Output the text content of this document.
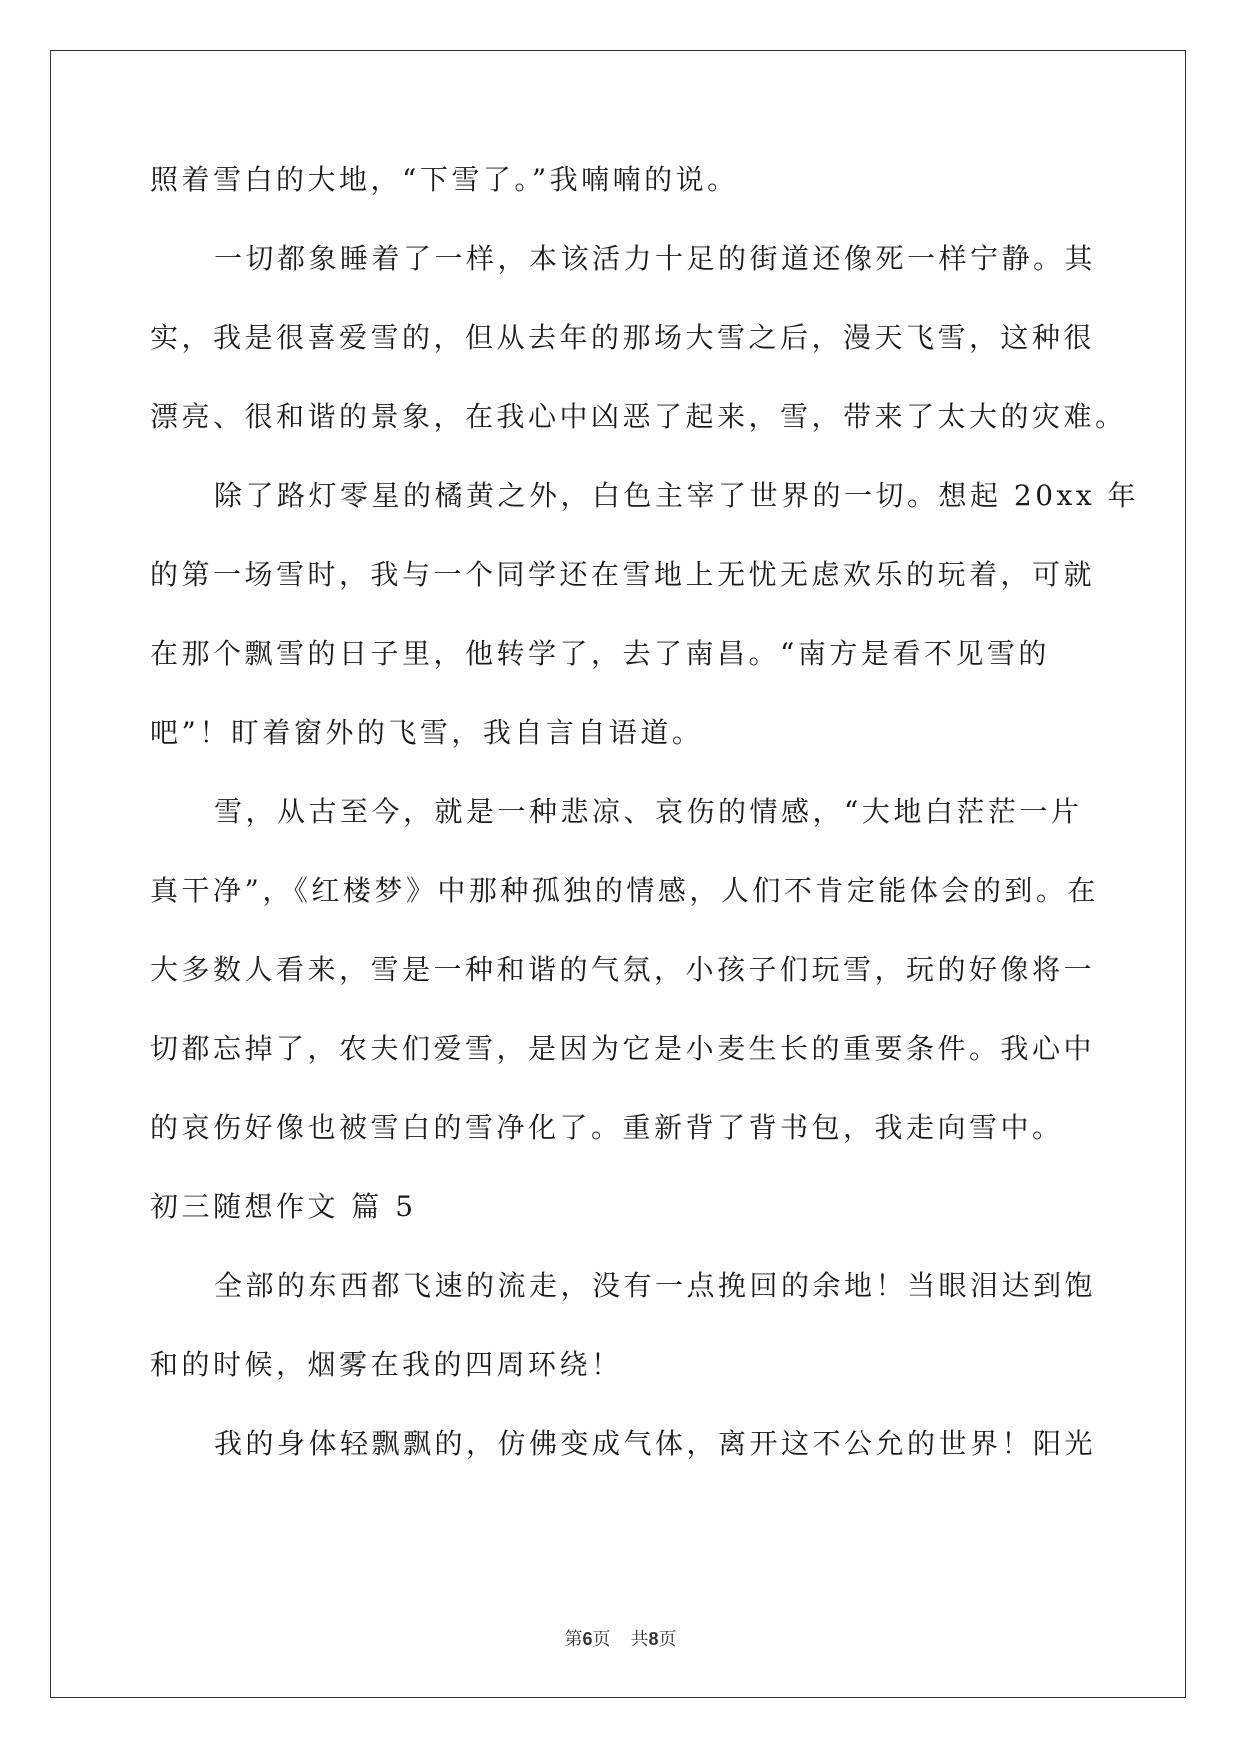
照着雪白的大地，“下雪了。”我喃喃的说。
一切都象睡着了一样，本该活力十足的街道还像死一样宁静。其
实，我是很喜爱雪的，但从去年的那场大雪之后，漫天飞雪，这种很
漂亮、很和谐的景象，在我心中凶恶了起来，雪，带来了太大的灾难。
除了路灯零星的橘黄之外，白色主宰了世界的一切。想起 20xx 年
的第一场雪时，我与一个同学还在雪地上无忧无虑欢乐的玩着，可就
在那个飘雪的日子里，他转学了，去了南昌。“南方是看不见雪的
吧”！盯着窗外的飞雪，我自言自语道。
雪，从古至今，就是一种悲凉、哀伤的情感，“大地白茫茫一片
真干净”，《红楼梦》中那种孤独的情感，人们不肯定能体会的到。在
大多数人看来，雪是一种和谐的气氛，小孩子们玩雪，玩的好像将一
切都忘掉了，农夫们爱雪，是因为它是小麦生长的重要条件。我心中
的哀伤好像也被雪白的雪净化了。重新背了背书包，我走向雪中。
初三随想作文 篇 5
全部的东西都飞速的流走，没有一点挽回的余地！当眼泪达到饱
和的时候，烟雾在我的四周环绕！
我的身体轻飘飘的，仿佛变成气体，离开这不公允的世界！阳光
第6页 共8页
